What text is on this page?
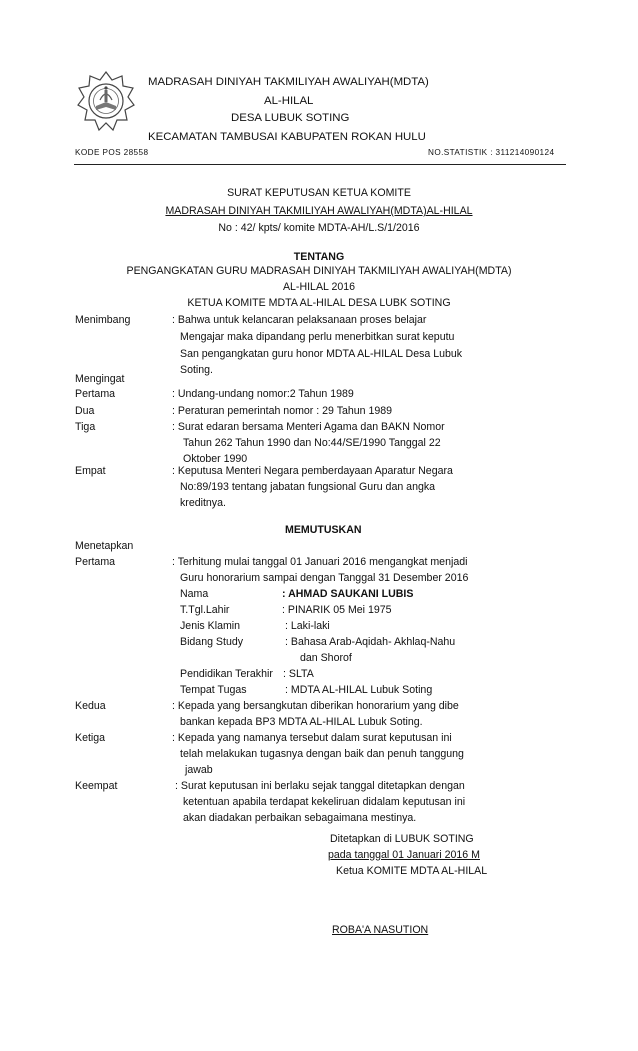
MADRASAH DINIYAH TAKMILIYAH AWALIYAH(MDTA)
AL-HILAL
DESA LUBUK SOTING
KECAMATAN TAMBUSAI KABUPATEN ROKAN HULU
KODE POS 28558	NO.STATISTIK : 311214090124
SURAT KEPUTUSAN KETUA KOMITE
MADRASAH DINIYAH TAKMILIYAH AWALIYAH(MDTA)AL-HILAL
No : 42/ kpts/ komite MDTA-AH/L.S/1/2016
TENTANG
PENGANGKATAN GURU MADRASAH DINIYAH TAKMILIYAH AWALIYAH(MDTA)
AL-HILAL 2016
KETUA KOMITE MDTA AL-HILAL DESA LUBK SOTING
Menimbang	: Bahwa untuk kelancaran pelaksanaan proses belajar
Mengajar maka dipandang perlu menerbitkan surat keputu
San pengangkatan guru honor MDTA AL-HILAL Desa Lubuk
Soting.
Mengingat
Pertama	: Undang-undang nomor:2 Tahun 1989
Dua	: Peraturan pemerintah nomor : 29 Tahun 1989
Tiga	: Surat edaran bersama Menteri Agama dan BAKN Nomor
Tahun 262 Tahun 1990 dan No:44/SE/1990 Tanggal 22
Oktober 1990
Empat	: Keputusa Menteri Negara pemberdayaan Aparatur Negara
No:89/193 tentang jabatan fungsional Guru dan angka
kreditnya.
MEMUTUSKAN
Menetapkan
Pertama	: Terhitung mulai tanggal 01 Januari 2016 mengangkat menjadi
Guru honorarium sampai dengan Tanggal 31 Desember 2016
Nama	: AHMAD SAUKANI LUBIS
T.Tgl.Lahir	: PINARIK 05 Mei 1975
Jenis Klamin	: Laki-laki
Bidang Study	: Bahasa Arab-Aqidah- Akhlaq-Nahu
dan Shorof
Pendidikan Terakhir : SLTA
Tempat Tugas	: MDTA AL-HILAL Lubuk Soting
Kedua	: Kepada yang bersangkutan diberikan honorarium yang dibe
bankan kepada BP3 MDTA AL-HILAL Lubuk Soting.
Ketiga	: Kepada yang namanya tersebut dalam surat keputusan ini
telah melakukan tugasnya dengan baik dan penuh tanggung
jawab
Keempat	: Surat keputusan ini berlaku sejak tanggal ditetapkan dengan
ketentuan apabila terdapat kekeliruan didalam keputusan ini
akan diadakan perbaikan sebagaimana mestinya.
Ditetapkan di LUBUK SOTING
pada tanggal 01 Januari 2016 M
Ketua KOMITE MDTA AL-HILAL
ROBA'A NASUTION
